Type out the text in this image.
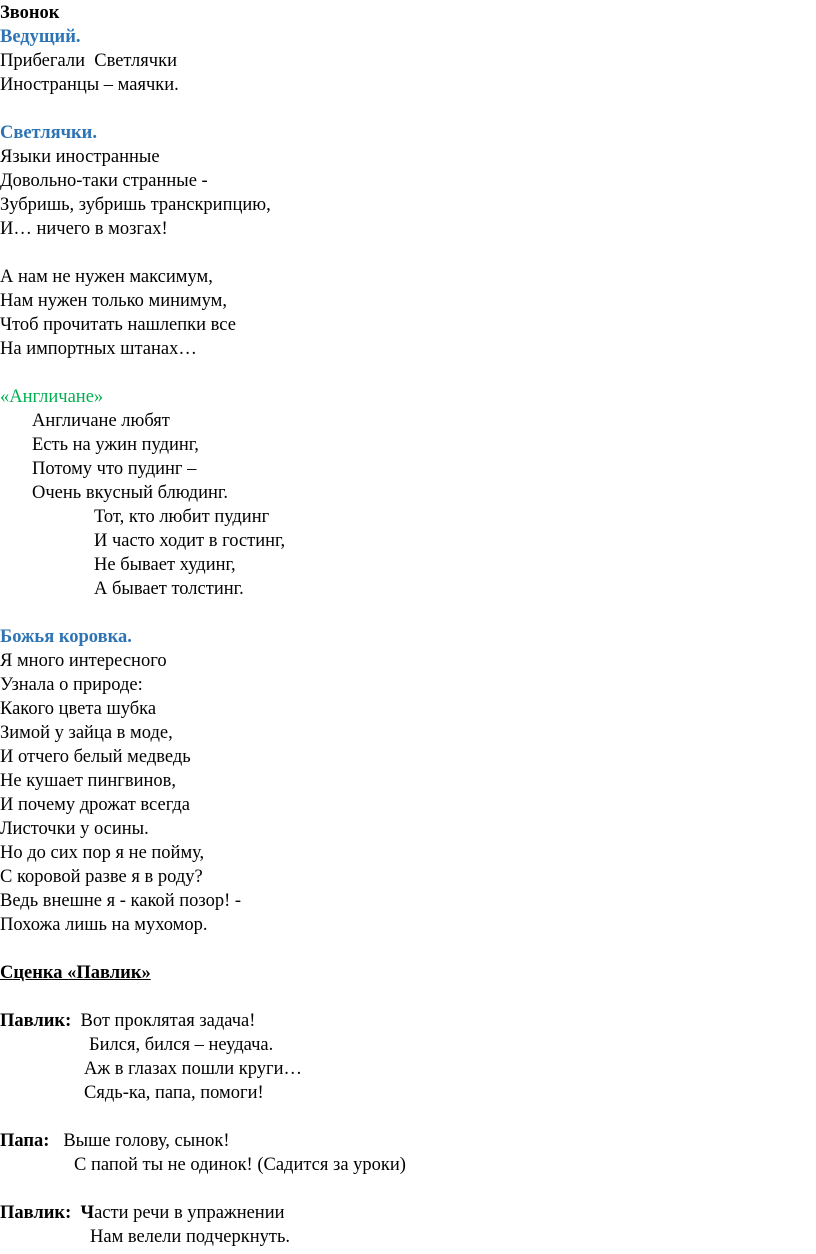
Звонок
Ведущий.
Прибегали  Светлячки
Иностранцы – маячки.
Светлячки.
Языки иностранные
Довольно-таки странные -
Зубришь, зубришь транскрипцию,
И… ничего в мозгах!
А нам не нужен максимум,
Нам нужен только минимум,
Чтоб прочитать нашлепки все
На импортных штанах…
«Англичане»
Англичане любят
Есть на ужин пудинг,
Потому что пудинг –
Очень вкусный блюдинг.
Тот, кто любит пудинг
И часто ходит в гостинг,
Не бывает худинг,
А бывает толстинг.
Божья коровка.
Я много интересного
Узнала о природе:
Какого цвета шубка
Зимой у зайца в моде,
И отчего белый медведь
Не кушает пингвинов,
И почему дрожат всегда
Листочки у осины.
Но до сих пор я не пойму,
С коровой разве я в роду?
Ведь внешне я - какой позор! -
Похожа лишь на мухомор.
Сценка «Павлик»
Павлик:  Вот проклятая задача!
Бился, бился – неудача.
Аж в глазах пошли круги…
Сядь-ка, папа, помоги!
Папа:   Выше голову, сынок!
С папой ты не одинок! (Садится за уроки)
Павлик:  Части речи в упражнении
Нам велели подчеркнуть.
